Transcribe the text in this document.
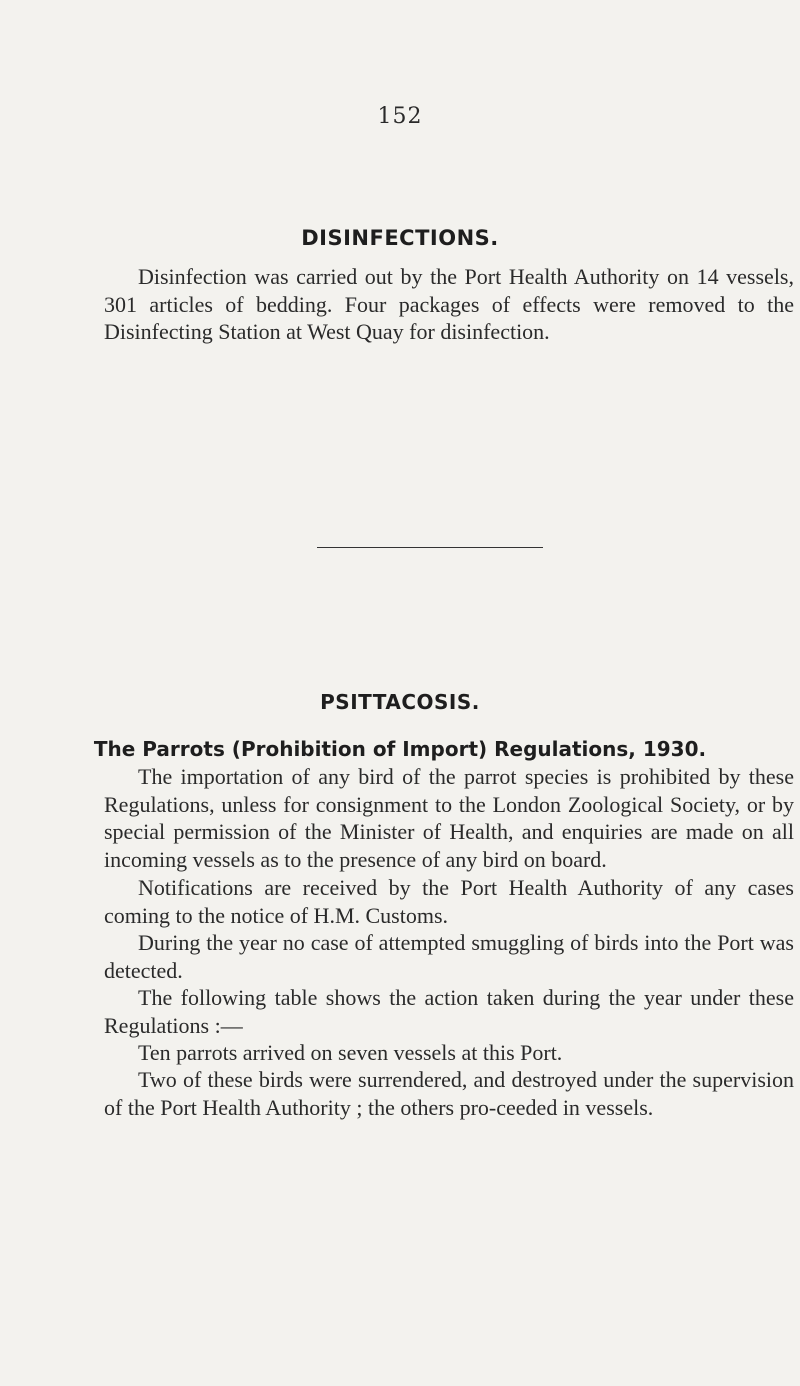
152
DISINFECTIONS.

Disinfection was carried out by the Port Health Authority on 14 vessels, 301 articles of bedding. Four packages of effects were removed to the Disinfecting Station at West Quay for disinfection.

PSITTACOSIS.
The Parrots (Prohibition of Import) Regulations, 1930.

The importation of any bird of the parrot species is prohibited by these Regulations, unless for consignment to the London Zoological Society, or by special permission of the Minister of Health, and enquiries are made on all incoming vessels as to the presence of any bird on board.

Notifications are received by the Port Health Authority of any cases coming to the notice of H.M. Customs.

During the year no case of attempted smuggling of birds into the Port was detected.

The following table shows the action taken during the year under these Regulations :—

Ten parrots arrived on seven vessels at this Port.

Two of these birds were surrendered, and destroyed under the supervision of the Port Health Authority ; the others pro-ceeded in vessels.
